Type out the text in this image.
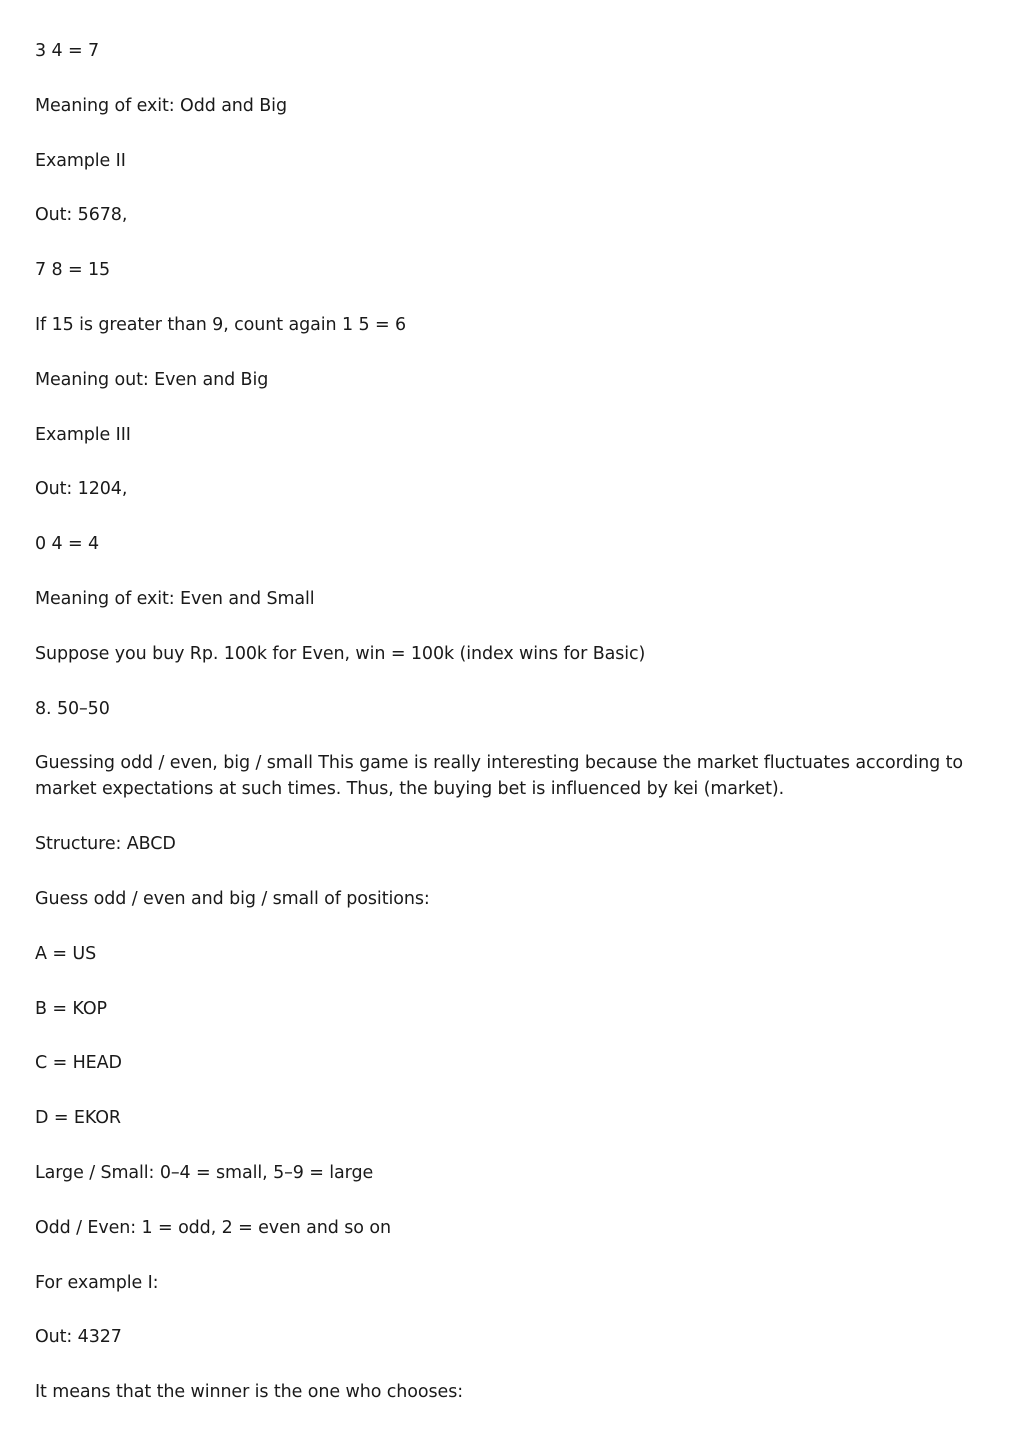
3 4 = 7

Meaning of exit: Odd and Big

Example II

Out: 5678,

7 8 = 15

If 15 is greater than 9, count again 1 5 = 6

Meaning out: Even and Big

Example III

Out: 1204,

0 4 = 4

Meaning of exit: Even and Small

Suppose you buy Rp. 100k for Even, win = 100k (index wins for Basic)

8. 50–50

Guessing odd / even, big / small This game is really interesting because the market fluctuates according to market expectations at such times. Thus, the buying bet is influenced by kei (market).

Structure: ABCD

Guess odd / even and big / small of positions:

A = US

B = KOP

C = HEAD

D = EKOR

Large / Small: 0–4 = small, 5–9 = large

Odd / Even: 1 = odd, 2 = even and so on

For example I:

Out: 4327

It means that the winner is the one who chooses:
